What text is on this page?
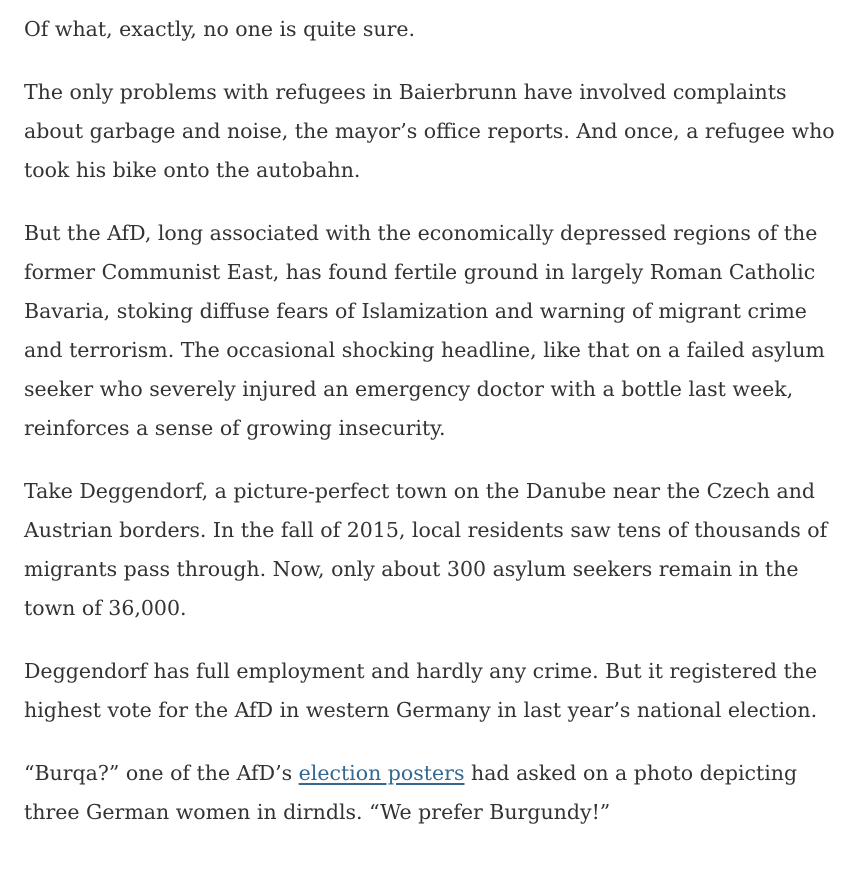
Of what, exactly, no one is quite sure.

The only problems with refugees in Baierbrunn have involved complaints about garbage and noise, the mayor’s office reports. And once, a refugee who took his bike onto the autobahn.

But the AfD, long associated with the economically depressed regions of the former Communist East, has found fertile ground in largely Roman Catholic Bavaria, stoking diffuse fears of Islamization and warning of migrant crime and terrorism. The occasional shocking headline, like that on a failed asylum seeker who severely injured an emergency doctor with a bottle last week, reinforces a sense of growing insecurity.

Take Deggendorf, a picture-perfect town on the Danube near the Czech and Austrian borders. In the fall of 2015, local residents saw tens of thousands of migrants pass through. Now, only about 300 asylum seekers remain in the town of 36,000.

Deggendorf has full employment and hardly any crime. But it registered the highest vote for the AfD in western Germany in last year’s national election.

“Burqa?” one of the AfD’s election posters had asked on a photo depicting three German women in dirndls. “We prefer Burgundy!”
